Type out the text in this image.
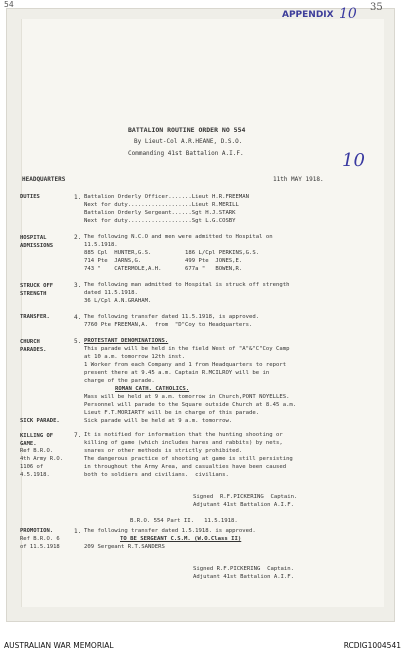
54
APPENDIX 10 35
10
BATTALION ROUTINE ORDER NO 554
By Lieut-Col A.R.HEANE, D.S.O.
Commanding 41st Battalion A.I.F.
HEADQUARTERS	11th MAY 1918.
DUTIES	1. Battalion Orderly Officer.......Lieut H.R.FREEMAN
Next for duty...................Lieut R.MERILL
Battalion Orderly Sergeant......Sgt H.J.STARK
Next for duty...................Sgt L.G.COSBY
HOSPITAL ADMISSIONS
2. The following N.C.O and men were admitted to Hospital on
11.5.1918.
885 Cpl  HUNTER,G.S.          186 L/Cpl PERKINS,G.S.
714 Pte  JARNS,G.             499 Pte  JONES,E.
743 "    CATERMOLE,A.H.       677a "   BOWEN,R.
STRUCK OFF STRENGTH
3. The following man admitted to Hospital is struck off strength
dated 11.5.1918.
36 L/Cpl A.N.GRAHAM.
TRANSFER.	4. The following transfer dated 11.5.1918, is approved.
7760 Pte FREEMAN,A.  from  "D"Coy to Headquarters.
CHURCH PARADES.
5. PROTESTANT DENOMINATIONS.
This parade will be held in the field West of "A"&"C"Coy Camp
at 10 a.m. tomorrow 12th inst.
1 Worker from each Company and 1 from Headquarters to report
present there at 9.45 a.m. Captain R.MCILROY will be in
charge of the parade.
ROMAN CATH. CATHOLICS.
Mass will be held at 9 a.m. tomorrow in Church,PONT NOYELLES.
Personnel will parade to the Square outside Church at 8.45 a.m.
Lieut F.T.MORIARTY will be in charge of this parade.
SICK PARADE.	Sick parade will be held at 9 a.m. tomorrow.
KILLING OF GAME.
7. It is notified for information that the hunting shooting or
killing of game (which includes hares and rabbits) by nets,
snares or other methods is strictly prohibited.
Ref B.R.O.
4th Army R.O.	The dangerous practice of shooting at game is still persisting
1106 of	in throughout the Army Area, and casualties have been caused
4.5.1918.	both to soldiers and civilians.  civilians.
Signed  R.F.PICKERING  Captain.
Adjutant 41st Battalion A.I.F.
B.R.O. 554 Part II.   11.5.1918.
PROMOTION.	1. The following transfer dated 1.5.1918. is approved.
Ref B.R.O. 6	TO BE SERGEANT C.S.M. (W.O.Class II)
of 11.5.1918	209 Sergeant R.T.SANDERS
Signed R.F.PICKERING  Captain.
Adjutant 41st Battalion A.I.F.
AUSTRALIAN WAR MEMORIAL	RCDIG1004541
